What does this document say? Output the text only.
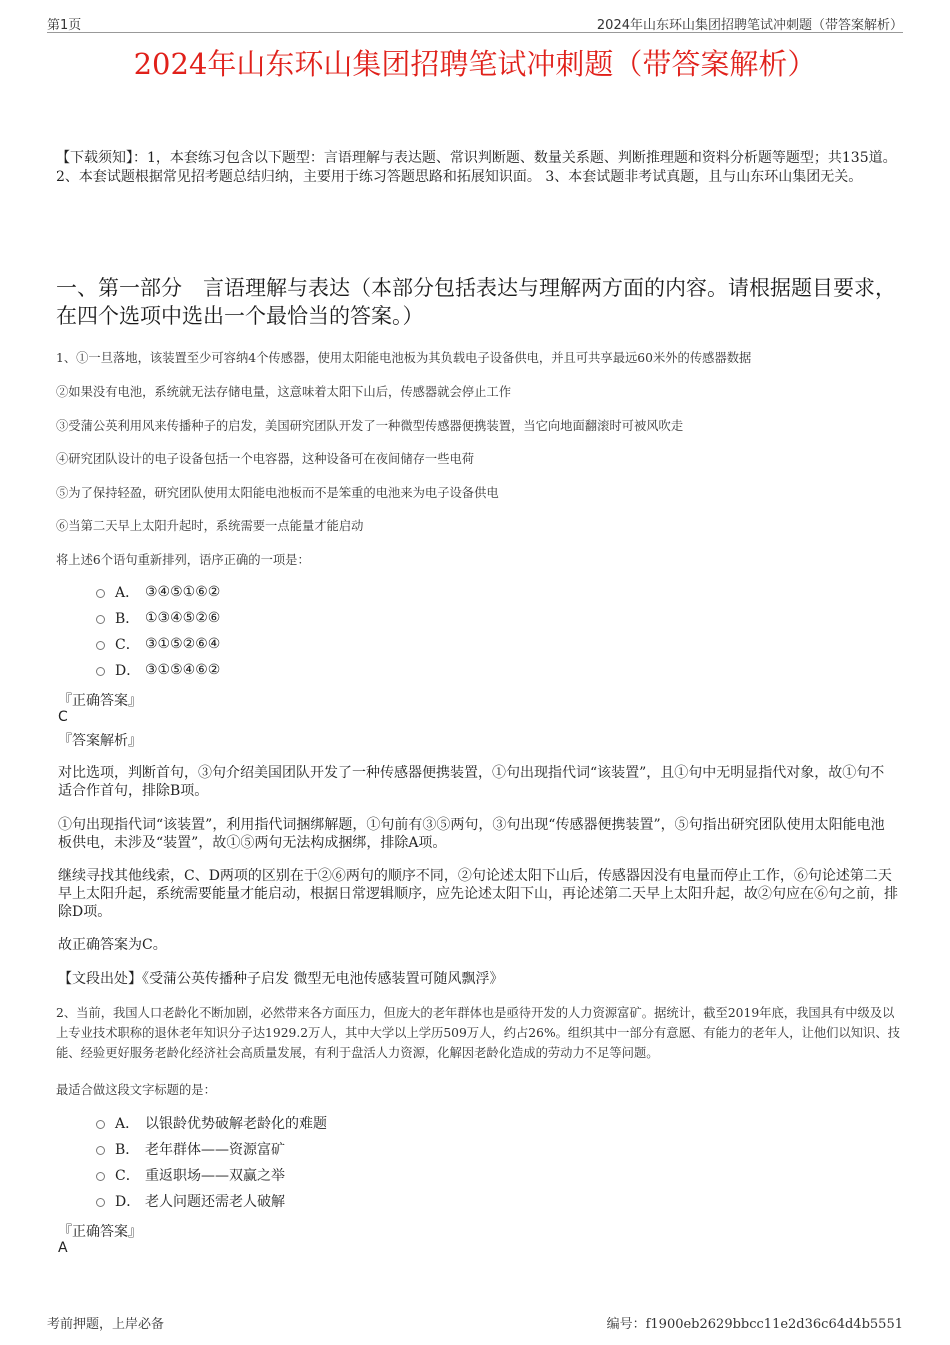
第1页	2024年山东环山集团招聘笔试冲刺题（带答案解析）
2024年山东环山集团招聘笔试冲刺题（带答案解析）
【下载须知】：1，本套练习包含以下题型：言语理解与表达题、常识判断题、数量关系题、判断推理题和资料分析题等题型；共135道。 2、本套试题根据常见招考题总结归纳，主要用于练习答题思路和拓展知识面。 3、本套试题非考试真题，且与山东环山集团无关。
一、第一部分　言语理解与表达（本部分包括表达与理解两方面的内容。请根据题目要求，在四个选项中选出一个最恰当的答案。）
1、①一旦落地，该装置至少可容纳4个传感器，使用太阳能电池板为其负载电子设备供电，并且可共享最远60米外的传感器数据
②如果没有电池，系统就无法存储电量，这意味着太阳下山后，传感器就会停止工作
③受蒲公英利用风来传播种子的启发，美国研究团队开发了一种微型传感器便携装置，当它向地面翻滚时可被风吹走
④研究团队设计的电子设备包括一个电容器，这种设备可在夜间储存一些电荷
⑤为了保持轻盈，研究团队使用太阳能电池板而不是笨重的电池来为电子设备供电
⑥当第二天早上太阳升起时，系统需要一点能量才能启动
将上述6个语句重新排列，语序正确的一项是：
A． ③④⑤①⑥②
B． ①③④⑤②⑥
C． ③①⑤②⑥④
D． ③①⑤④⑥②
『正确答案』
C
『答案解析』
对比选项，判断首句，③句介绍美国团队开发了一种传感器便携装置，①句出现指代词“该装置”，且①句中无明显指代对象，故①句不适合作首句，排除B项。
①句出现指代词“该装置”，利用指代词捆绑解题，①句前有③⑤两句，③句出现“传感器便携装置”，⑤句指出研究团队使用太阳能电池板供电，未涉及“装置”，故①⑤两句无法构成捆绑，排除A项。
继续寻找其他线索，C、D两项的区别在于②⑥两句的顺序不同，②句论述太阳下山后，传感器因没有电量而停止工作，⑥句论述第二天早上太阳升起，系统需要能量才能启动，根据日常逻辑顺序，应先论述太阳下山，再论述第二天早上太阳升起，故②句应在⑥句之前，排除D项。
故正确答案为C。
【文段出处】《受蒲公英传播种子启发 微型无电池传感装置可随风飘浮》
2、当前，我国人口老龄化不断加剧，必然带来各方面压力，但庞大的老年群体也是亟待开发的人力资源富矿。据统计，截至2019年底，我国具有中级及以上专业技术职称的退休老年知识分子达1929.2万人，其中大学以上学历509万人，约占26%。组织其中一部分有意愿、有能力的老年人，让他们以知识、技能、经验更好服务老龄化经济社会高质量发展，有利于盘活人力资源，化解因老龄化造成的劳动力不足等问题。
最适合做这段文字标题的是：
A． 以银龄优势破解老龄化的难题
B． 老年群体——资源富矿
C． 重返职场——双赢之举
D． 老人问题还需老人破解
『正确答案』
A
考前押题，上岸必备	编号：f1900eb2629bbcc11e2d36c64d4b5551
